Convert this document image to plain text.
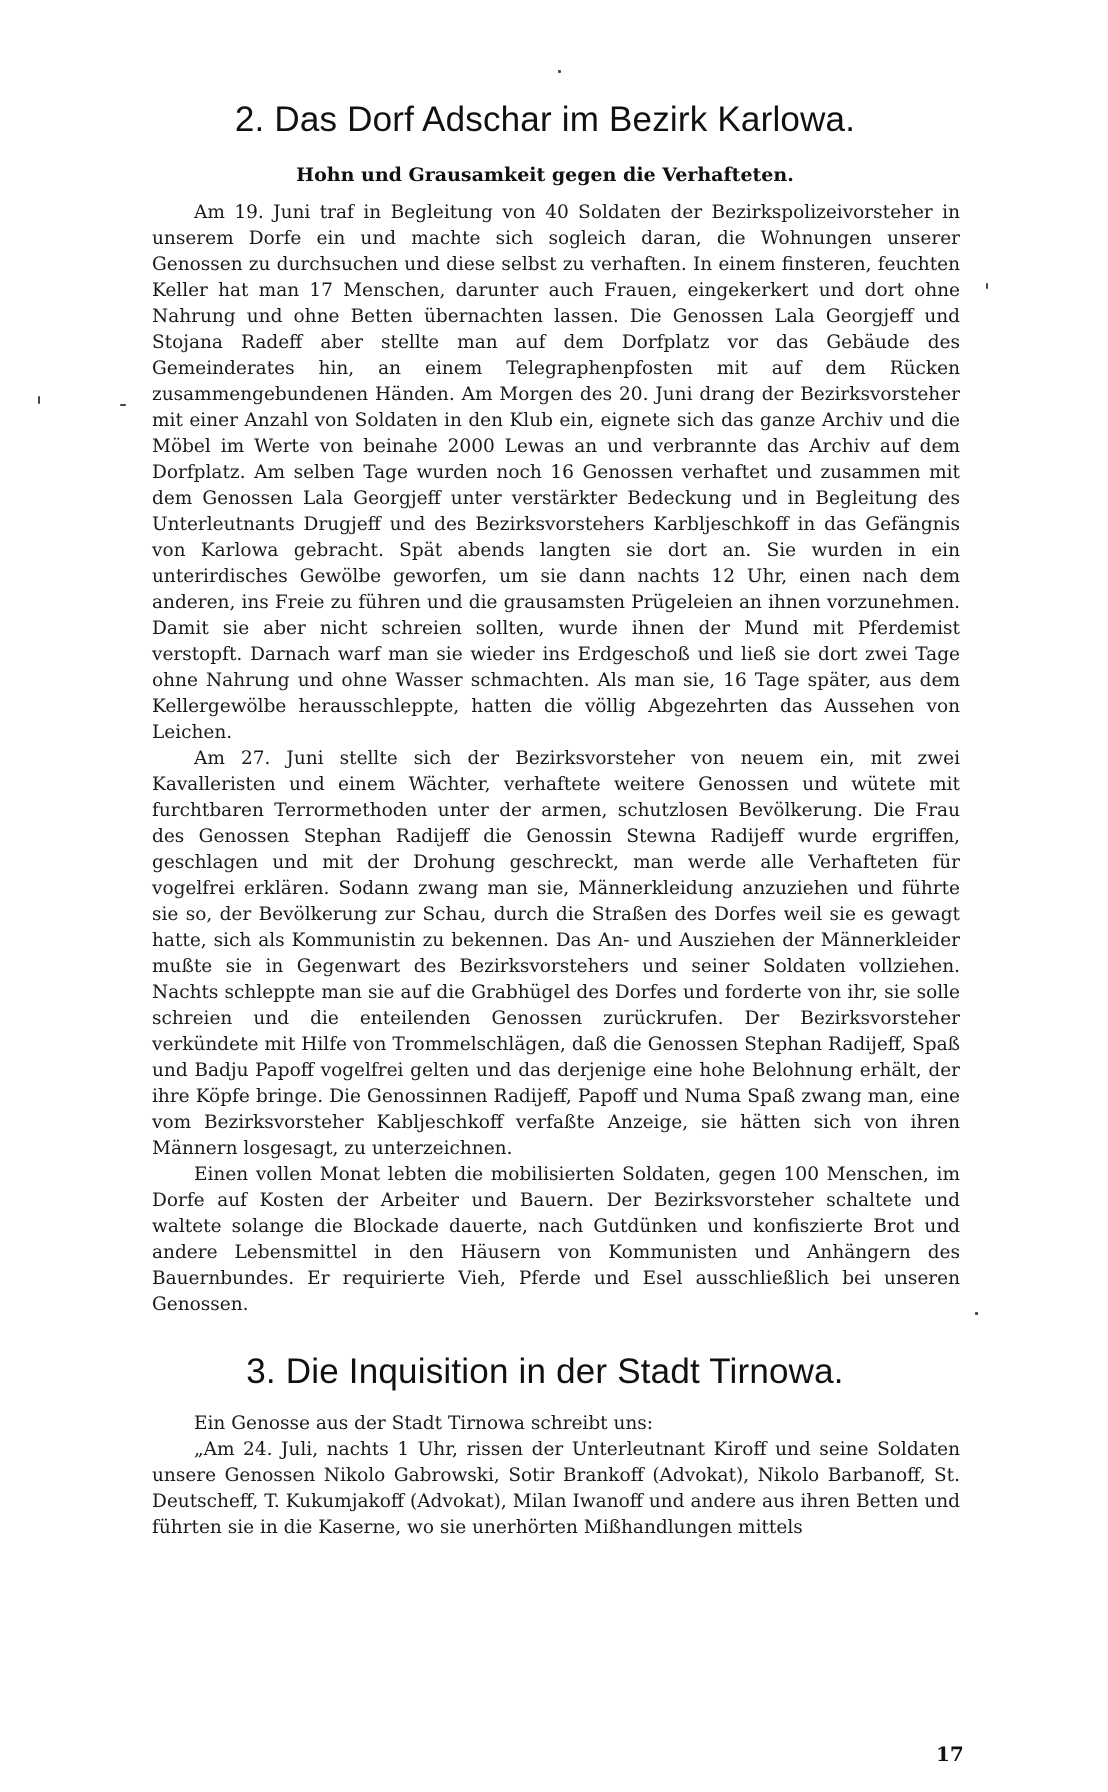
2. Das Dorf Adschar im Bezirk Karlowa.
Hohn und Grausamkeit gegen die Verhafteten.

Am 19. Juni traf in Begleitung von 40 Soldaten der Bezirkspolizeivorsteher in unserem Dorfe ein und machte sich sogleich daran, die Wohnungen unserer Genossen zu durchsuchen und diese selbst zu verhaften. In einem finsteren, feuchten Keller hat man 17 Menschen, darunter auch Frauen, eingekerkert und dort ohne Nahrung und ohne Betten übernachten lassen. Die Genossen Lala Georgjeff und Stojana Radeff aber stellte man auf dem Dorfplatz vor das Gebäude des Gemeinderates hin, an einem Telegraphenpfosten mit auf dem Rücken zusammengebundenen Händen. Am Morgen des 20. Juni drang der Bezirksvorsteher mit einer Anzahl von Soldaten in den Klub ein, eignete sich das ganze Archiv und die Möbel im Werte von beinahe 2000 Lewas an und verbrannte das Archiv auf dem Dorfplatz. Am selben Tage wurden noch 16 Genossen verhaftet und zusammen mit dem Genossen Lala Georgjeff unter verstärkter Bedeckung und in Begleitung des Unterleutnants Drugjeff und des Bezirksvorstehers Karbljeschkoff in das Gefängnis von Karlowa gebracht. Spät abends langten sie dort an. Sie wurden in ein unterirdisches Gewölbe geworfen, um sie dann nachts 12 Uhr, einen nach dem anderen, ins Freie zu führen und die grausamsten Prügeleien an ihnen vorzunehmen. Damit sie aber nicht schreien sollten, wurde ihnen der Mund mit Pferdemist verstopft. Darnach warf man sie wieder ins Erdgeschoß und ließ sie dort zwei Tage ohne Nahrung und ohne Wasser schmachten. Als man sie, 16 Tage später, aus dem Kellergewölbe herausschleppte, hatten die völlig Abgezehrten das Aussehen von Leichen.

Am 27. Juni stellte sich der Bezirksvorsteher von neuem ein, mit zwei Kavalleristen und einem Wächter, verhaftete weitere Genossen und wütete mit furchtbaren Terrormethoden unter der armen, schutzlosen Bevölkerung. Die Frau des Genossen Stephan Radijeff die Genossin Stewna Radijeff wurde ergriffen, geschlagen und mit der Drohung geschreckt, man werde alle Verhafteten für vogelfrei erklären. Sodann zwang man sie, Männerkleidung anzuziehen und führte sie so, der Bevölkerung zur Schau, durch die Straßen des Dorfes weil sie es gewagt hatte, sich als Kommunistin zu bekennen. Das An- und Ausziehen der Männerkleider mußte sie in Gegenwart des Bezirksvorstehers und seiner Soldaten vollziehen. Nachts schleppte man sie auf die Grabhügel des Dorfes und forderte von ihr, sie solle schreien und die enteilenden Genossen zurückrufen. Der Bezirksvorsteher verkündete mit Hilfe von Trommelschlägen, daß die Genossen Stephan Radijeff, Spaß und Badju Papoff vogelfrei gelten und das derjenige eine hohe Belohnung erhält, der ihre Köpfe bringe. Die Genossinnen Radijeff, Papoff und Numa Spaß zwang man, eine vom Bezirksvorsteher Kabljeschkoff verfaßte Anzeige, sie hätten sich von ihren Männern losgesagt, zu unterzeichnen.

Einen vollen Monat lebten die mobilisierten Soldaten, gegen 100 Menschen, im Dorfe auf Kosten der Arbeiter und Bauern. Der Bezirksvorsteher schaltete und waltete solange die Blockade dauerte, nach Gutdünken und konfiszierte Brot und andere Lebensmittel in den Häusern von Kommunisten und Anhängern des Bauernbundes. Er requirierte Vieh, Pferde und Esel ausschließlich bei unseren Genossen.

3. Die Inquisition in der Stadt Tirnowa.

Ein Genosse aus der Stadt Tirnowa schreibt uns:

„Am 24. Juli, nachts 1 Uhr, rissen der Unterleutnant Kiroff und seine Soldaten unsere Genossen Nikolo Gabrowski, Sotir Brankoff (Advokat), Nikolo Barbanoff, St. Deutscheff, T. Kukumjakoff (Advokat), Milan Iwanoff und andere aus ihren Betten und führten sie in die Kaserne, wo sie unerhörten Mißhandlungen mittels

17
